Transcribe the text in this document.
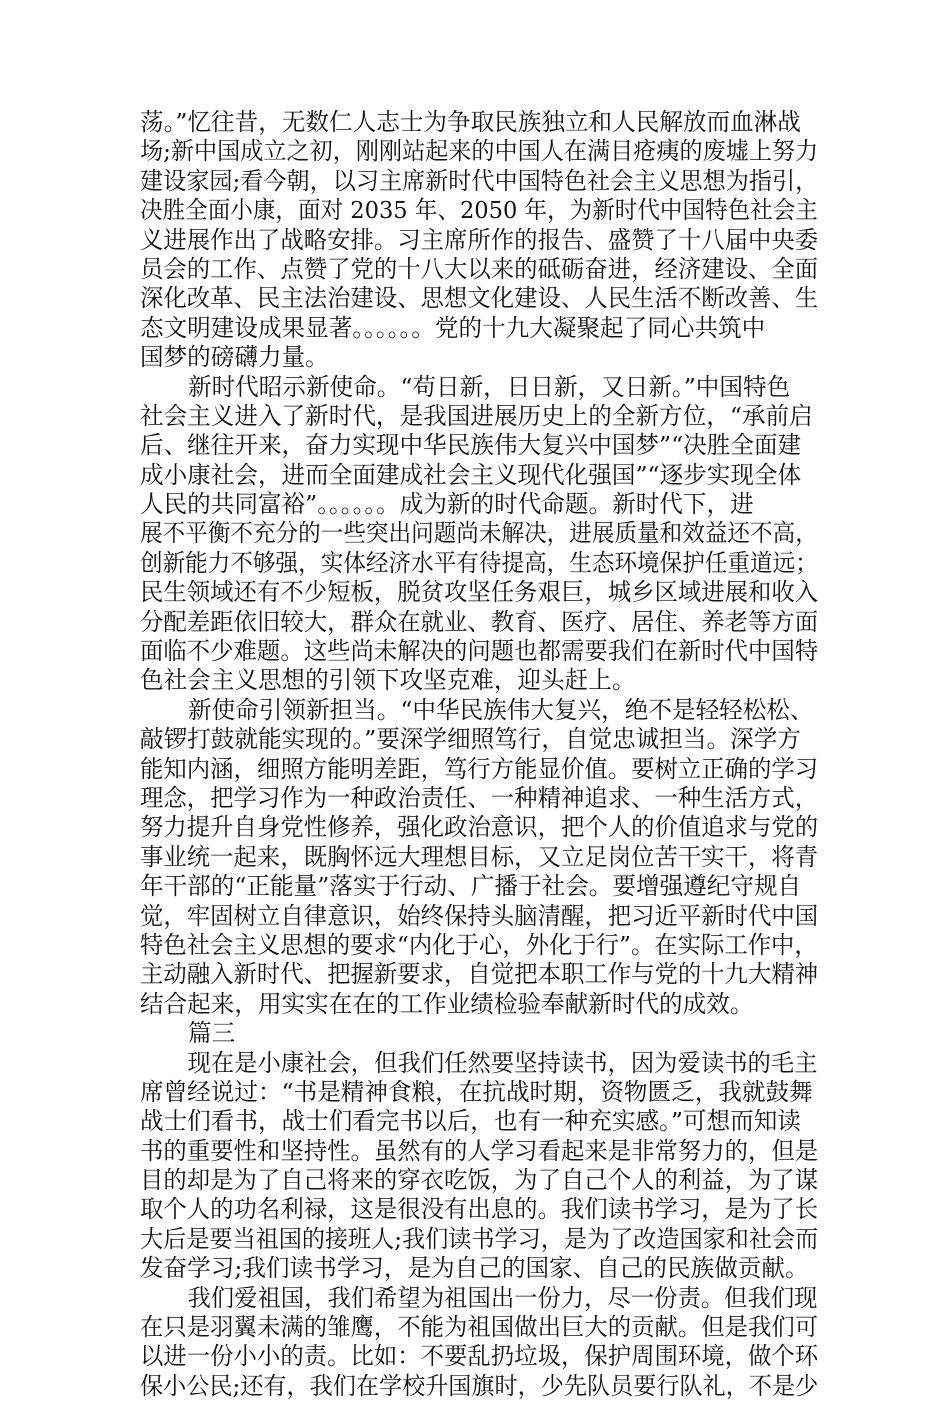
荡。”忆往昔，无数仁人志士为争取民族独立和人民解放而血淋战
场;新中国成立之初，刚刚站起来的中国人在满目疮痍的废墟上努力
建设家园;看今朝，以习主席新时代中国特色社会主义思想为指引，
决胜全面小康，面对 2035 年、2050 年，为新时代中国特色社会主
义进展作出了战略安排。习主席所作的报告、盛赞了十八届中央委
员会的工作、点赞了党的十八大以来的砥砺奋进，经济建设、全面
深化改革、民主法治建设、思想文化建设、人民生活不断改善、生
态文明建设成果显著。。。。。。党的十九大凝聚起了同心共筑中
国梦的磅礴力量。
新时代昭示新使命。“苟日新，日日新，又日新。”中国特色
社会主义进入了新时代，是我国进展历史上的全新方位，“承前启
后、继往开来，奋力实现中华民族伟大复兴中国梦”“决胜全面建
成小康社会，进而全面建成社会主义现代化强国”“逐步实现全体
人民的共同富裕”。。。。。。成为新的时代命题。新时代下，进
展不平衡不充分的一些突出问题尚未解决，进展质量和效益还不高，
创新能力不够强，实体经济水平有待提高，生态环境保护任重道远；
民生领域还有不少短板，脱贫攻坚任务艰巨，城乡区域进展和收入
分配差距依旧较大，群众在就业、教育、医疗、居住、养老等方面
面临不少难题。这些尚未解决的问题也都需要我们在新时代中国特
色社会主义思想的引领下攻坚克难，迎头赶上。
新使命引领新担当。“中华民族伟大复兴，绝不是轻轻松松、
敲锣打鼓就能实现的。”要深学细照笃行，自觉忠诚担当。深学方
能知内涵，细照方能明差距，笃行方能显价值。要树立正确的学习
理念，把学习作为一种政治责任、一种精神追求、一种生活方式，
努力提升自身党性修养，强化政治意识，把个人的价值追求与党的
事业统一起来，既胸怀远大理想目标，又立足岗位苦干实干，将青
年干部的“正能量”落实于行动、广播于社会。要增强遵纪守规自
觉，牢固树立自律意识，始终保持头脑清醒，把习近平新时代中国
特色社会主义思想的要求“内化于心，外化于行”。在实际工作中，
主动融入新时代、把握新要求，自觉把本职工作与党的十九大精神
结合起来，用实实在在的工作业绩检验奉献新时代的成效。
篇三
现在是小康社会，但我们任然要坚持读书，因为爱读书的毛主
席曾经说过：“书是精神食粮，在抗战时期，资物匮乏，我就鼓舞
战士们看书，战士们看完书以后，也有一种充实感。”可想而知读
书的重要性和坚持性。虽然有的人学习看起来是非常努力的，但是
目的却是为了自己将来的穿衣吃饭，为了自己个人的利益，为了谋
取个人的功名利禄，这是很没有出息的。我们读书学习，是为了长
大后是要当祖国的接班人;我们读书学习，是为了改造国家和社会而
发奋学习;我们读书学习，是为自己的国家、自己的民族做贡献。
我们爱祖国，我们希望为祖国出一份力，尽一份责。但我们现
在只是羽翼未满的雏鹰，不能为祖国做出巨大的贡献。但是我们可
以进一份小小的责。比如：不要乱扔垃圾，保护周围环境，做个环
保小公民;还有，我们在学校升国旗时，少先队员要行队礼，不是少
